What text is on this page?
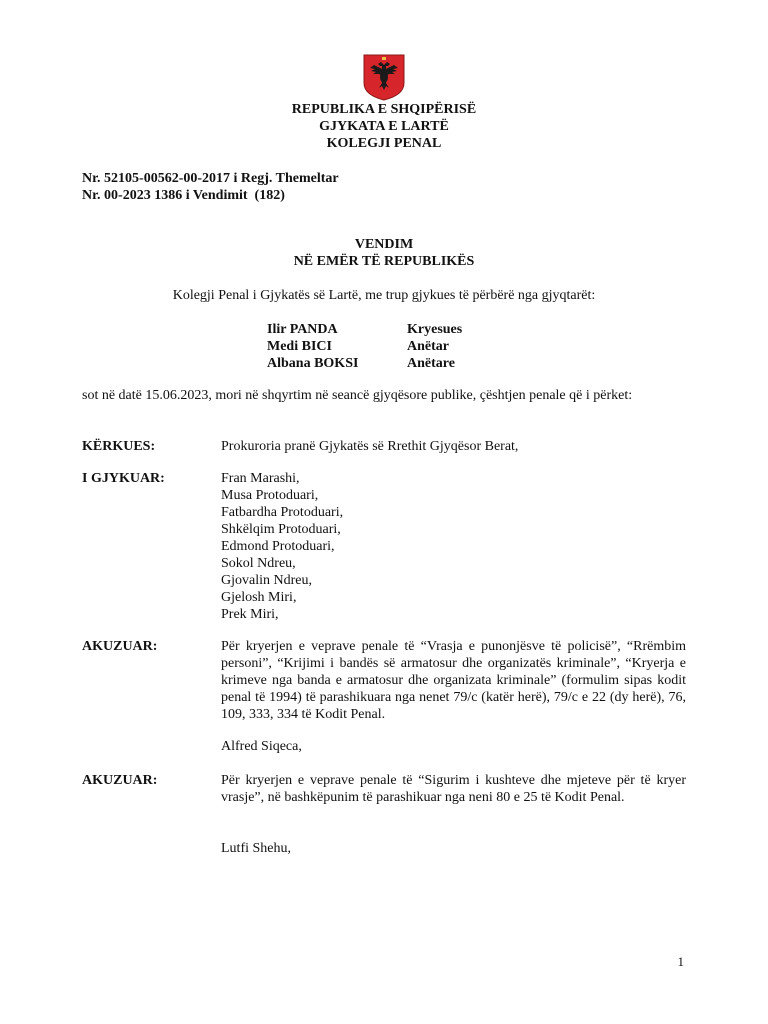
REPUBLIKA E SHQIPËRISË
GJYKATA E LARTË
KOLEGJI PENAL
Nr. 52105-00562-00-2017 i Regj. Themeltar
Nr. 00-2023 1386 i Vendimit  (182)
VENDIM
NË EMËR TË REPUBLIKËS
Kolegji Penal i Gjykatës së Lartë, me trup gjykues të përbërë nga gjyqtarët:
Ilir PANDA	Kryesues
Medi BICI	Anëtar
Albana BOKSI	Anëtare
sot në datë 15.06.2023, mori në shqyrtim në seancë gjyqësore publike, çështjen penale që i përket:
KËRKUES:	Prokuroria pranë Gjykatës së Rrethit Gjyqësor Berat,
I GJYKUAR:	Fran Marashi,
Musa Protoduari,
Fatbardha Protoduari,
Shkëlqim Protoduari,
Edmond Protoduari,
Sokol Ndreu,
Gjovalin Ndreu,
Gjelosh Miri,
Prek Miri,
AKUZUAR:	Për kryerjen e veprave penale të “Vrasja e punonjësve të policisë”, “Rrëmbim personi”, “Krijimi i bandës së armatosur dhe organizatës kriminale”, “Kryerja e krimeve nga banda e armatosur dhe organizata kriminale” (formulim sipas kodit penal të 1994) të parashikuara nga nenet 79/c (katër herë), 79/c e 22 (dy herë), 76, 109, 333, 334 të Kodit Penal.
Alfred Siqeca,
AKUZUAR:	Për kryerjen e veprave penale të “Sigurim i kushteve dhe mjeteve për të kryer vrasje”, në bashkëpunim të parashikuar nga neni 80 e 25 të Kodit Penal.
Lutfi Shehu,
1
